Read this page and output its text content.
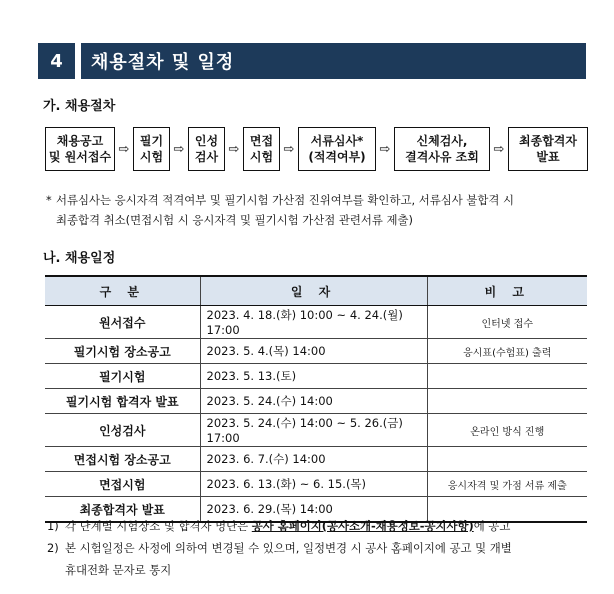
4	채용절차 및 일정
가. 채용절차
채용공고
및 원서접수
⇨
필기
시험
⇨
인성
검사
⇨
면접
시험
⇨
서류심사*
(적격여부)
⇨
신체검사,
결격사유 조회
⇨
최종합격자
발표
* 서류심사는 응시자격 적격여부 및 필기시험 가산점 진위여부를 확인하고, 서류심사 불합격 시

최종합격 취소(면접시험 시 응시자격 및 필기시험 가산점 관련서류 제출)

나. 채용일정
구 분	일 자	비 고
원서접수	2023. 4. 18.(화) 10:00 ~ 4. 24.(월) 17:00	인터넷 접수
필기시험 장소공고	2023. 5. 4.(목) 14:00	응시표(수험표) 출력
필기시험	2023. 5. 13.(토)	
필기시험 합격자 발표	2023. 5. 24.(수) 14:00	
인성검사	2023. 5. 24.(수) 14:00 ~ 5. 26.(금) 17:00	온라인 방식 진행
면접시험 장소공고	2023. 6. 7.(수) 14:00	
면접시험	2023. 6. 13.(화) ~ 6. 15.(목)	응시자격 및 가점 서류 제출
최종합격자 발표	2023. 6. 29.(목) 14:00	
1) 각 단계별 시험장소 및 합격자 명단은 공사 홈페이지(공사소개-채용정보-공지사항)에 공고
2) 본 시험일정은 사정에 의하여 변경될 수 있으며, 일정변경 시 공사 홈페이지에 공고 및 개별
휴대전화 문자로 통지
